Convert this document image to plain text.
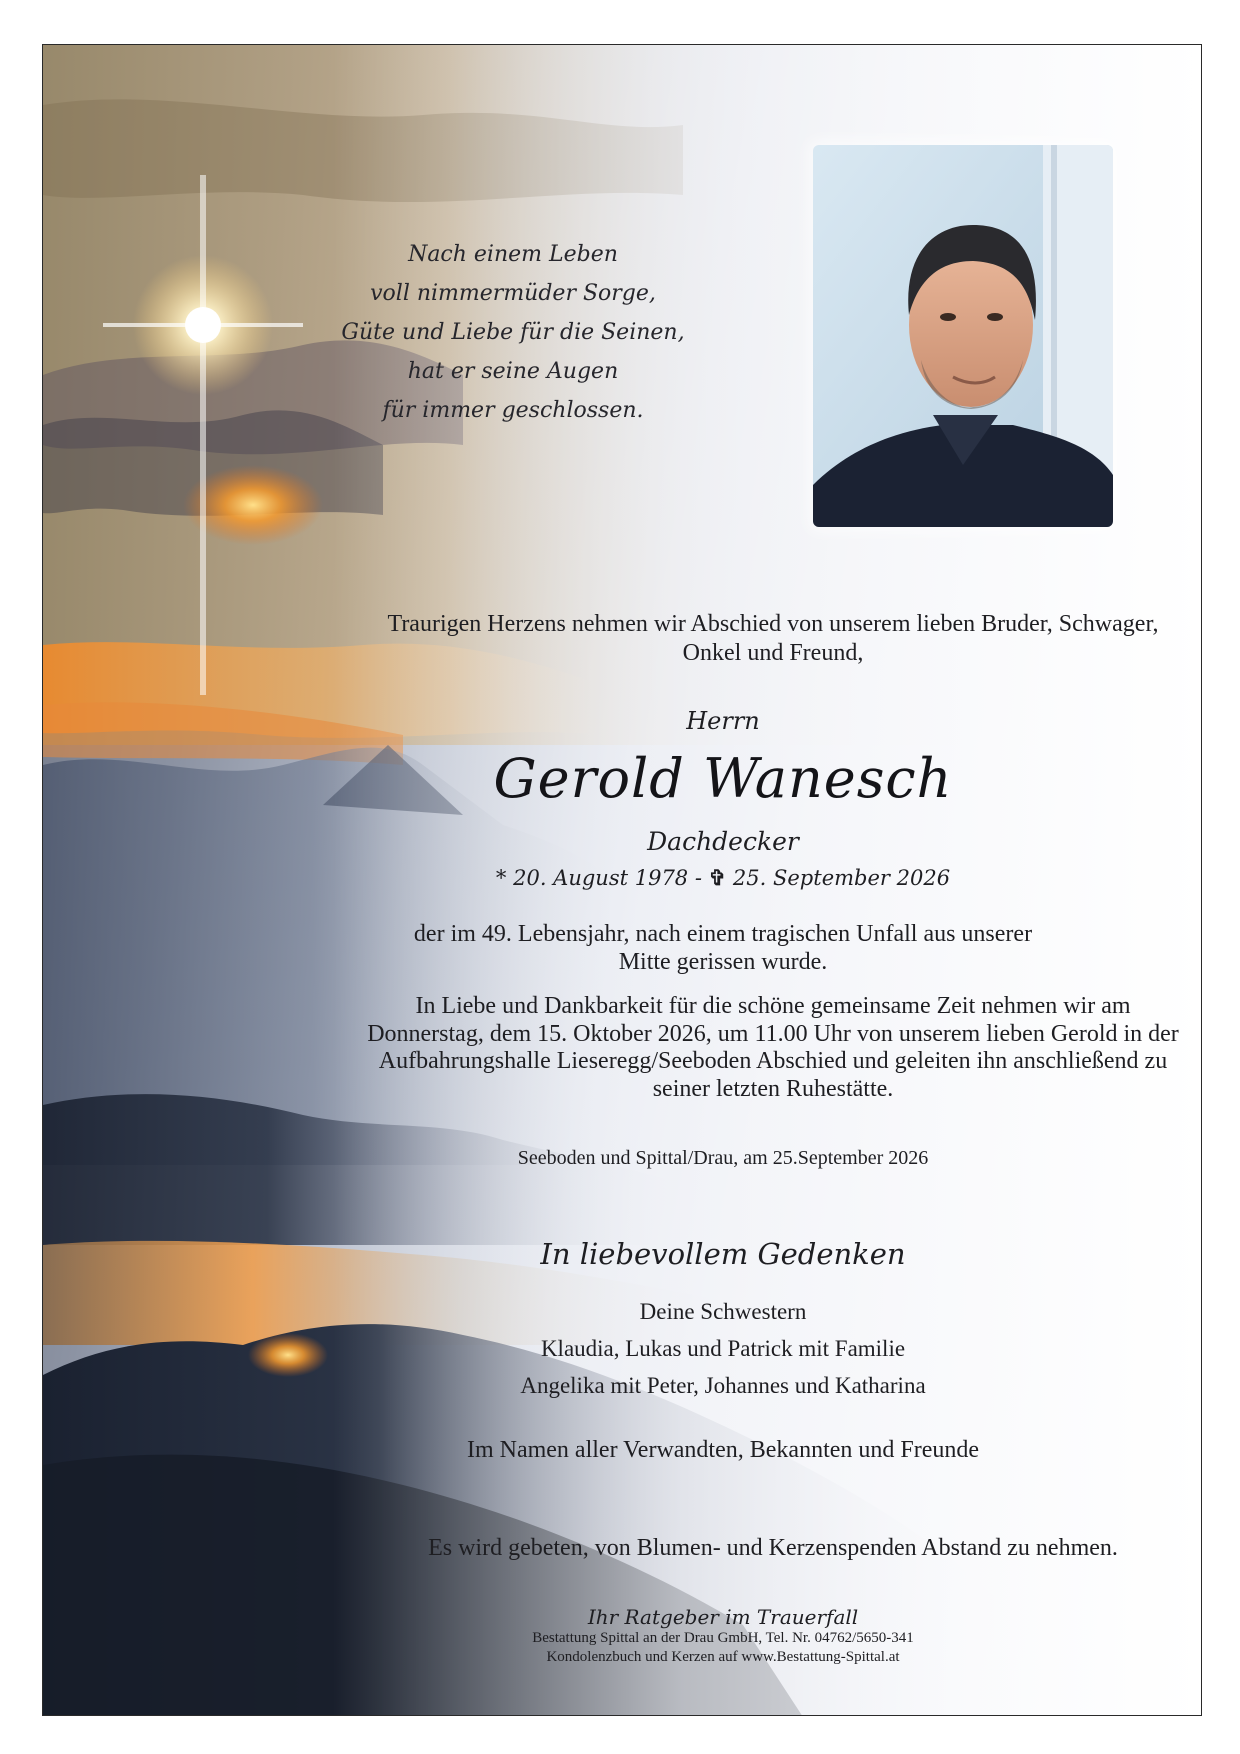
Nach einem Leben
voll nimmermüder Sorge,
Güte und Liebe für die Seinen,
hat er seine Augen
für immer geschlossen.
Traurigen Herzens nehmen wir Abschied von unserem lieben Bruder, Schwager, Onkel und Freund,
Herrn
Gerold Wanesch
Dachdecker
* 20. August 1978 - ✞ 25. September 2026
der im 49. Lebensjahr, nach einem tragischen Unfall aus unserer Mitte gerissen wurde.
In Liebe und Dankbarkeit für die schöne gemeinsame Zeit nehmen wir am Donnerstag, dem 15. Oktober 2026, um 11.00 Uhr von unserem lieben Gerold in der Aufbahrungshalle Lieseregg/Seeboden Abschied und geleiten ihn anschließend zu seiner letzten Ruhestätte.
Seeboden und Spittal/Drau, am 25.September 2026
In liebevollem Gedenken
Deine Schwestern
Klaudia, Lukas und Patrick mit Familie
Angelika mit Peter, Johannes und Katharina
Im Namen aller Verwandten, Bekannten und Freunde
Es wird gebeten, von Blumen- und Kerzenspenden Abstand zu nehmen.
Ihr Ratgeber im Trauerfall
Bestattung Spittal an der Drau GmbH, Tel. Nr. 04762/5650-341
Kondolenzbuch und Kerzen auf www.Bestattung-Spittal.at
